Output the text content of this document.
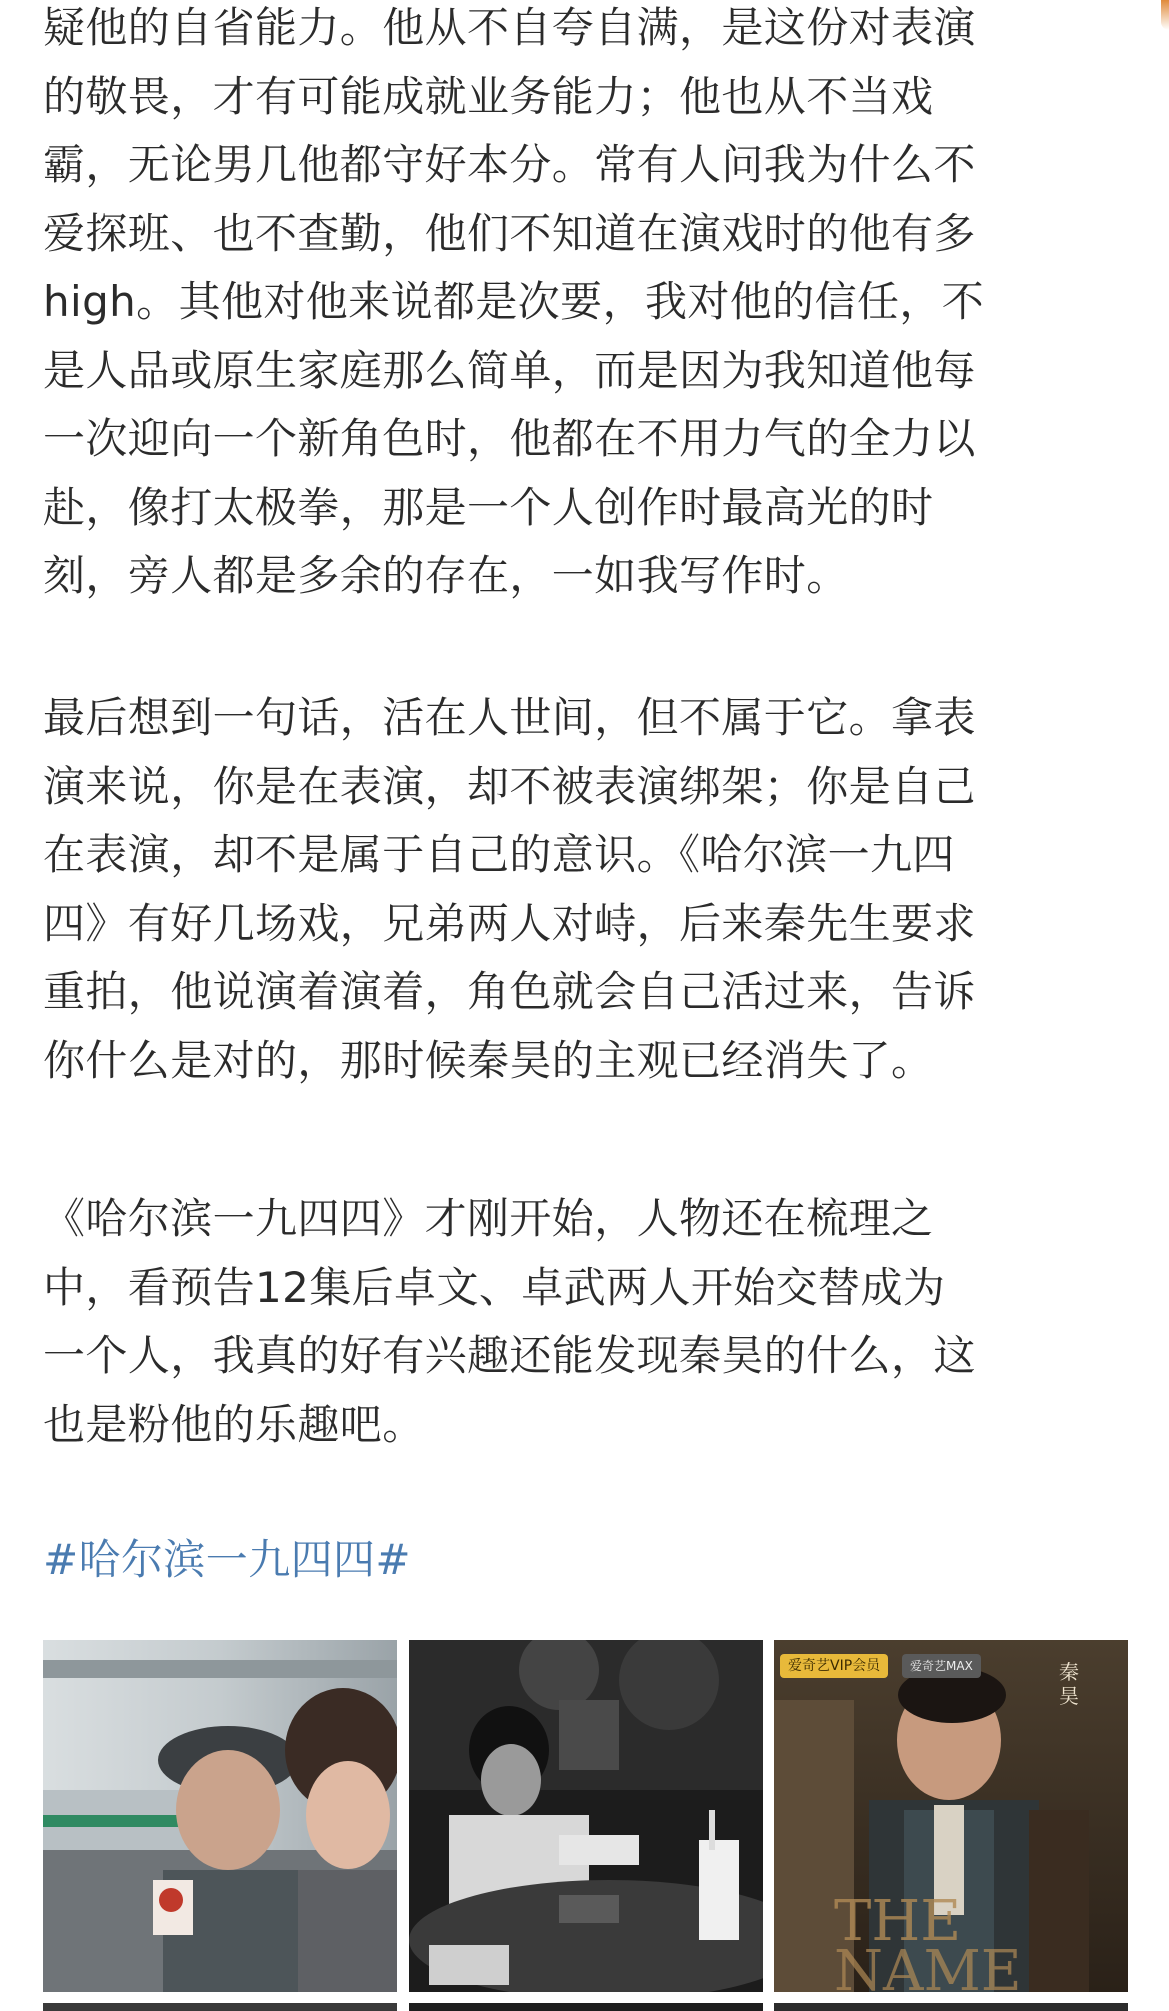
疑他的自省能力。他从不自夸自满，是这份对表演
的敬畏，才有可能成就业务能力；他也从不当戏
霸，无论男几他都守好本分。常有人问我为什么不
爱探班、也不查勤，他们不知道在演戏时的他有多
high。其他对他来说都是次要，我对他的信任，不
是人品或原生家庭那么简单，而是因为我知道他每
一次迎向一个新角色时，他都在不用力气的全力以
赴，像打太极拳，那是一个人创作时最高光的时
刻，旁人都是多余的存在，一如我写作时。
最后想到一句话，活在人世间，但不属于它。拿表
演来说，你是在表演，却不被表演绑架；你是自己
在表演，却不是属于自己的意识。《哈尔滨一九四
四》有好几场戏，兄弟两人对峙，后来秦先生要求
重拍，他说演着演着，角色就会自己活过来，告诉
你什么是对的，那时候秦昊的主观已经消失了。
《哈尔滨一九四四》才刚开始，人物还在梳理之
中，看预告12集后卓文、卓武两人开始交替成为
一个人，我真的好有兴趣还能发现秦昊的什么，这
也是粉他的乐趣吧。
#哈尔滨一九四四#
THE
NAME
爱奇艺VIP会员	爱奇艺MAX	秦昊
